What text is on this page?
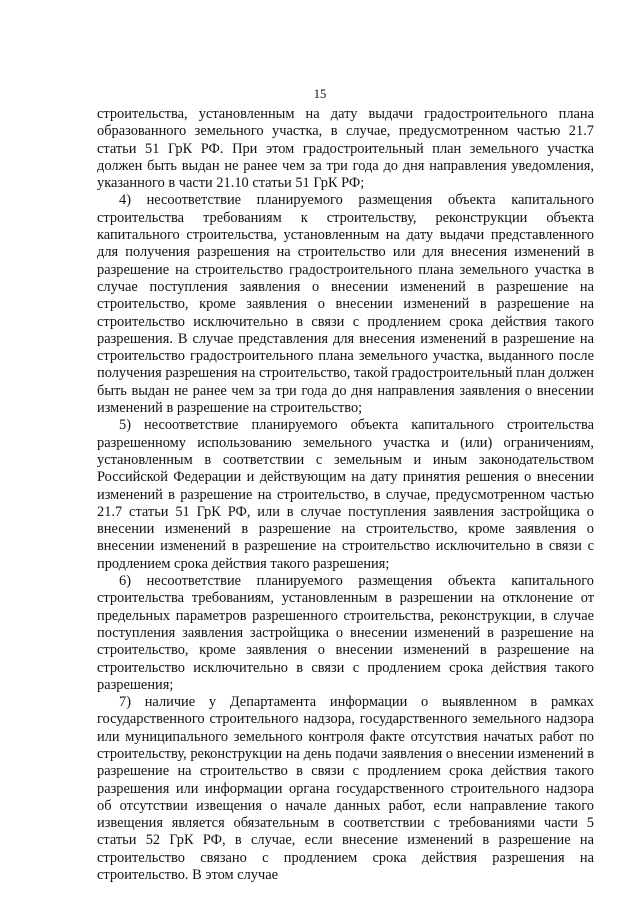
15

строительства, установленным на дату выдачи градостроительного плана образованного земельного участка, в случае, предусмотренном частью 21.7 статьи 51 ГрК РФ. При этом градостроительный план земельного участка должен быть выдан не ранее чем за три года до дня направления уведомления, указанного в части 21.10 статьи 51 ГрК РФ;

4) несоответствие планируемого размещения объекта капитального строительства требованиям к строительству, реконструкции объекта капитального строительства, установленным на дату выдачи представленного для получения разрешения на строительство или для внесения изменений в разрешение на строительство градостроительного плана земельного участка в случае поступления заявления о внесении изменений в разрешение на строительство, кроме заявления о внесении изменений в разрешение на строительство исключительно в связи с продлением срока действия такого разрешения. В случае представления для внесения изменений в разрешение на строительство градостроительного плана земельного участка, выданного после получения разрешения на строительство, такой градостроительный план должен быть выдан не ранее чем за три года до дня направления заявления о внесении изменений в разрешение на строительство;

5) несоответствие планируемого объекта капитального строительства разрешенному использованию земельного участка и (или) ограничениям, установленным в соответствии с земельным и иным законодательством Российской Федерации и действующим на дату принятия решения о внесении изменений в разрешение на строительство, в случае, предусмотренном частью 21.7 статьи 51 ГрК РФ, или в случае поступления заявления застройщика о внесении изменений в разрешение на строительство, кроме заявления о внесении изменений в разрешение на строительство исключительно в связи с продлением срока действия такого разрешения;

6) несоответствие планируемого размещения объекта капитального строительства требованиям, установленным в разрешении на отклонение от предельных параметров разрешенного строительства, реконструкции, в случае поступления заявления застройщика о внесении изменений в разрешение на строительство, кроме заявления о внесении изменений в разрешение на строительство исключительно в связи с продлением срока действия такого разрешения;

7) наличие у Департамента информации о выявленном в рамках государственного строительного надзора, государственного земельного надзора или муниципального земельного контроля факте отсутствия начатых работ по строительству, реконструкции на день подачи заявления о внесении изменений в разрешение на строительство в связи с продлением срока действия такого разрешения или информации органа государственного строительного надзора об отсутствии извещения о начале данных работ, если направление такого извещения является обязательным в соответствии с требованиями части 5 статьи 52 ГрК РФ, в случае, если внесение изменений в разрешение на строительство связано с продлением срока действия разрешения на строительство. В этом случае
